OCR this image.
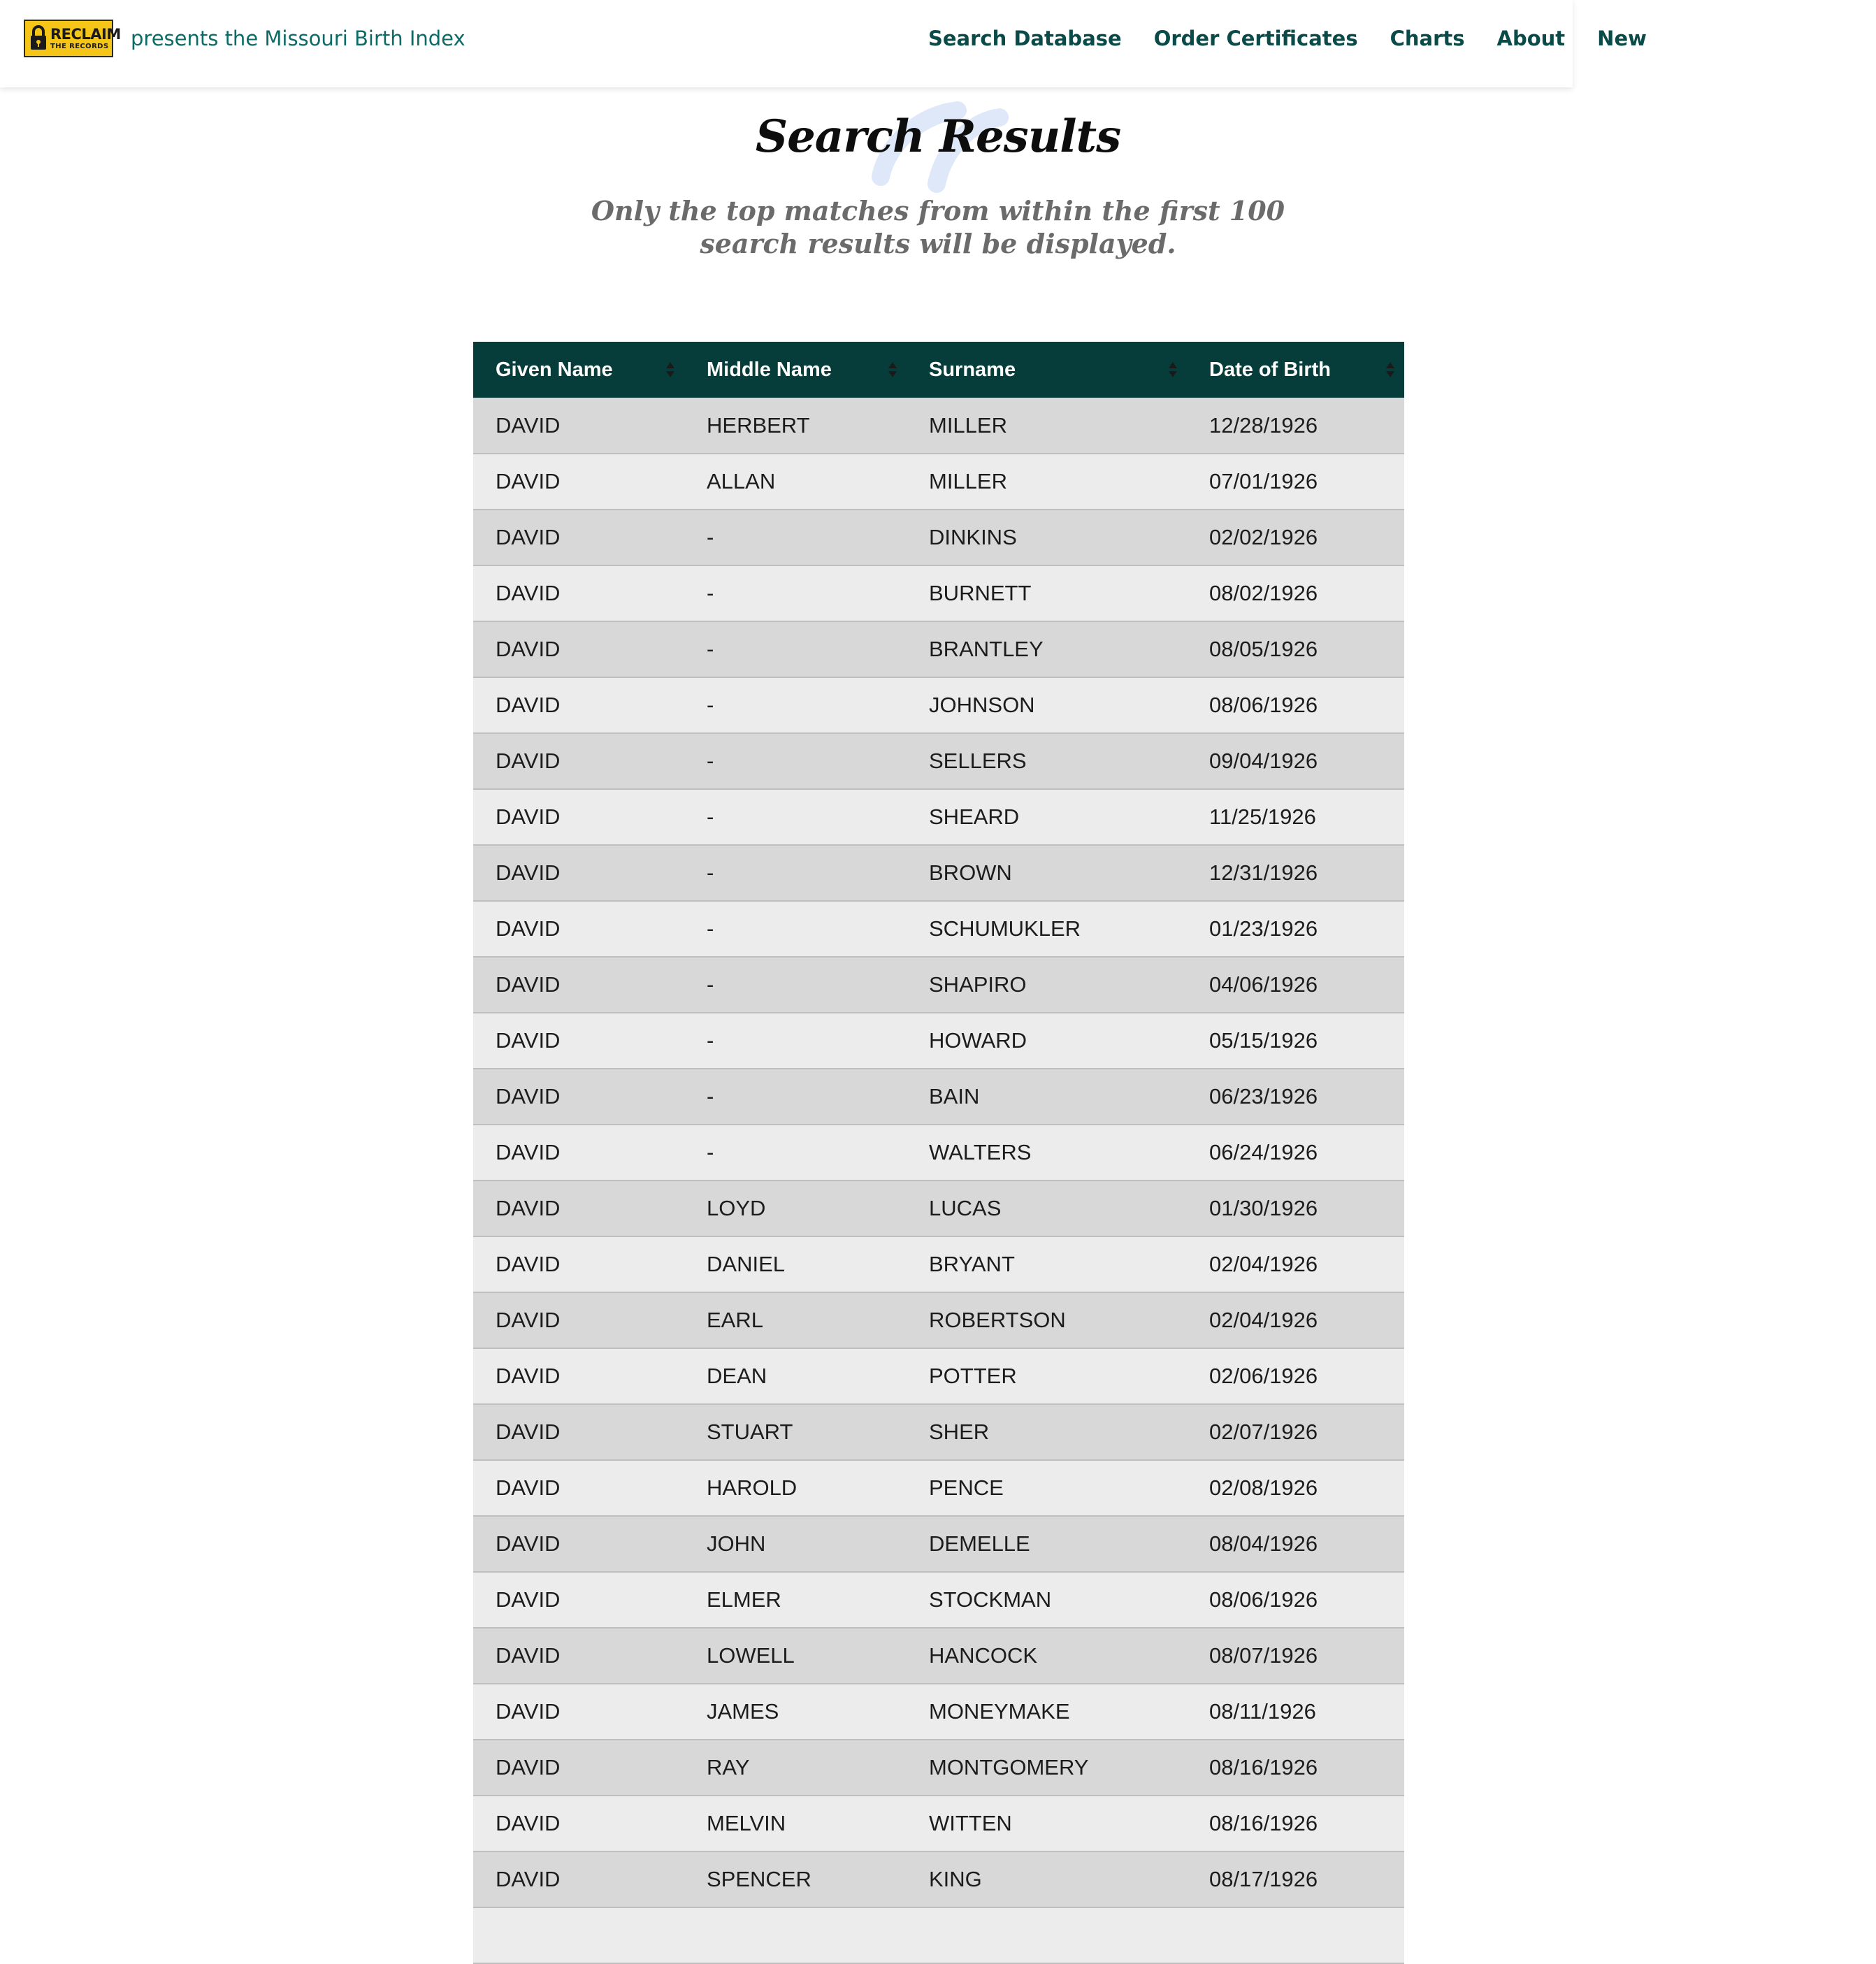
RECLAIM
THE RECORDS	presents the Missouri Birth Index	Search Database Order Certificates Charts About New
Search Results

Only the top matches from within the first 100 search results will be displayed.

Given Name	Middle Name	Surname	Date of Birth

DAVID	HERBERT	MILLER	12/28/1926
DAVID	ALLAN	MILLER	07/01/1926
DAVID	-	DINKINS	02/02/1926
DAVID	-	BURNETT	08/02/1926
DAVID	-	BRANTLEY	08/05/1926
DAVID	-	JOHNSON	08/06/1926
DAVID	-	SELLERS	09/04/1926
DAVID	-	SHEARD	11/25/1926
DAVID	-	BROWN	12/31/1926
DAVID	-	SCHUMUKLER	01/23/1926
DAVID	-	SHAPIRO	04/06/1926
DAVID	-	HOWARD	05/15/1926
DAVID	-	BAIN	06/23/1926
DAVID	-	WALTERS	06/24/1926
DAVID	LOYD	LUCAS	01/30/1926
DAVID	DANIEL	BRYANT	02/04/1926
DAVID	EARL	ROBERTSON	02/04/1926
DAVID	DEAN	POTTER	02/06/1926
DAVID	STUART	SHER	02/07/1926
DAVID	HAROLD	PENCE	02/08/1926
DAVID	JOHN	DEMELLE	08/04/1926
DAVID	ELMER	STOCKMAN	08/06/1926
DAVID	LOWELL	HANCOCK	08/07/1926
DAVID	JAMES	MONEYMAKE	08/11/1926
DAVID	RAY	MONTGOMERY	08/16/1926
DAVID	MELVIN	WITTEN	08/16/1926
DAVID	SPENCER	KING	08/17/1926
